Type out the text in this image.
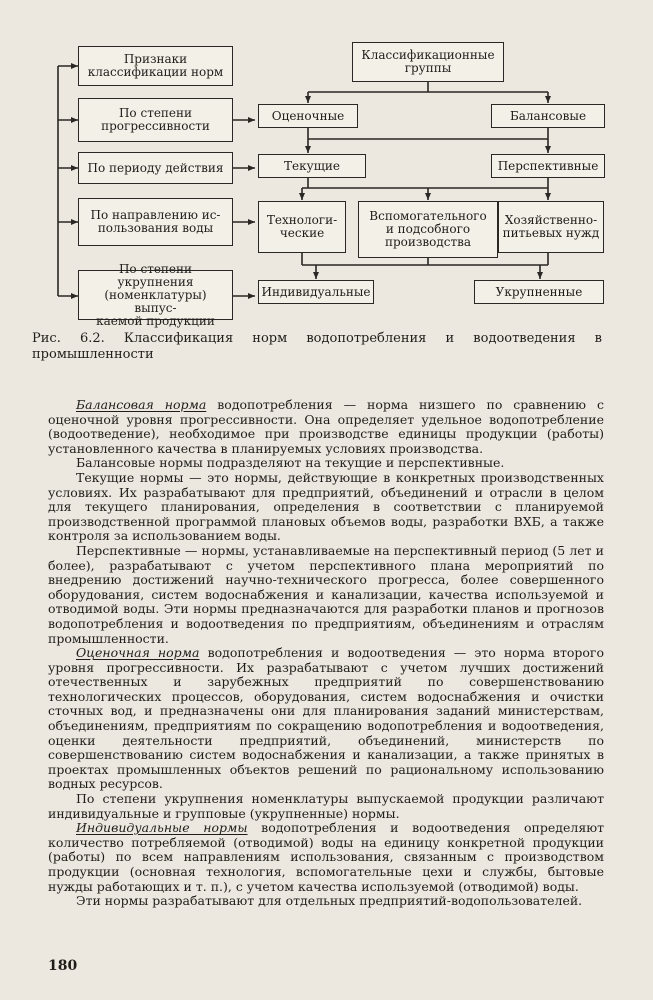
Признаки
классификации норм
По степени
прогрессивности
По периоду действия
По направлению ис-
пользования воды
По степени укрупнения
(номенклатуры) выпус-
каемой продукции
Классификационные
группы
Оценочные	Балансовые
Текущие	Перспективные
Технологи-
ческие
Вспомогательного
и подсобного
производства
Хозяйственно-
питьевых нужд
Индивидуальные	Укрупненные
Рис. 6.2. Классификация норм водопотребления и водоотведения в промышленности

Балансовая норма водопотребления — норма низшего по сравнению с оценочной уровня прогрессивности. Она определяет удельное водопотребление (водоотведение), необходимое при производстве единицы продукции (работы) установленного качества в планируемых условиях производства.

Балансовые нормы подразделяют на текущие и перспективные.

Текущие нормы — это нормы, действующие в конкретных производственных условиях. Их разрабатывают для предприятий, объединений и отрасли в целом для текущего планирования, определения в соответствии с планируемой производственной программой плановых объемов воды, разработки ВХБ, а также контроля за использованием воды.

Перспективные — нормы, устанавливаемые на перспективный период (5 лет и более), разрабатывают с учетом перспективного плана мероприятий по внедрению достижений научно-технического прогресса, более совершенного оборудования, систем водоснабжения и канализации, качества используемой и отводимой воды. Эти нормы предназначаются для разработки планов и прогнозов водопотребления и водоотведения по предприятиям, объединениям и отраслям промышленности.

Оценочная норма водопотребления и водоотведения — это норма второго уровня прогрессивности. Их разрабатывают с учетом лучших достижений отечественных и зарубежных предприятий по совершенствованию технологических процессов, оборудования, систем водоснабжения и очистки сточных вод, и предназначены они для планирования заданий министерствам, объединениям, предприятиям по сокращению водопотребления и водоотведения, оценки деятельности предприятий, объединений, министерств по совершенствованию систем водоснабжения и канализации, а также принятых в проектах промышленных объектов решений по рациональному использованию водных ресурсов.

По степени укрупнения номенклатуры выпускаемой продукции различают индивидуальные и групповые (укрупненные) нормы.

Индивидуальные нормы водопотребления и водоотведения определяют количество потребляемой (отводимой) воды на единицу конкретной продукции (работы) по всем направлениям использования, связанным с производством продукции (основная технология, вспомогательные цехи и службы, бытовые нужды работающих и т. п.), с учетом качества используемой (отводимой) воды.

Эти нормы разрабатывают для отдельных предприятий-водопользователей.

180
